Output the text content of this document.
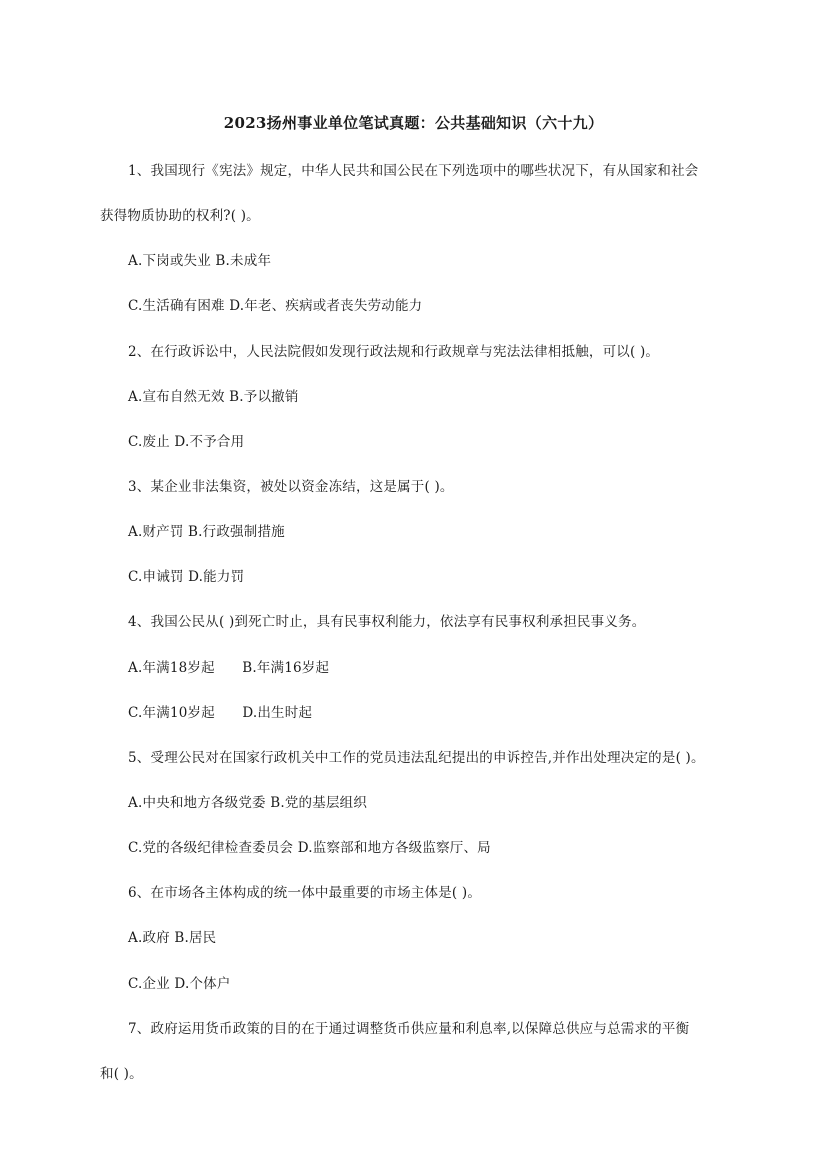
2023扬州事业单位笔试真题：公共基础知识（六十九）
1、我国现行《宪法》规定，中华人民共和国公民在下列选项中的哪些状况下，有从国家和社会
获得物质协助的权利?( )。
A.下岗或失业 B.未成年
C.生活确有困难 D.年老、疾病或者丧失劳动能力
2、在行政诉讼中，人民法院假如发现行政法规和行政规章与宪法法律相抵触，可以( )。
A.宣布自然无效 B.予以撤销
C.废止 D.不予合用
3、某企业非法集资，被处以资金冻结，这是属于( )。
A.财产罚 B.行政强制措施
C.申诫罚 D.能力罚
4、我国公民从( )到死亡时止，具有民事权利能力，依法享有民事权利承担民事义务。
A.年满18岁起　　B.年满16岁起
C.年满10岁起　　D.出生时起
5、受理公民对在国家行政机关中工作的党员违法乱纪提出的申诉控告,并作出处理决定的是( )。
A.中央和地方各级党委 B.党的基层组织
C.党的各级纪律检查委员会 D.监察部和地方各级监察厅、局
6、在市场各主体构成的统一体中最重要的市场主体是( )。
A.政府 B.居民
C.企业 D.个体户
7、政府运用货币政策的目的在于通过调整货币供应量和利息率,以保障总供应与总需求的平衡
和( )。
